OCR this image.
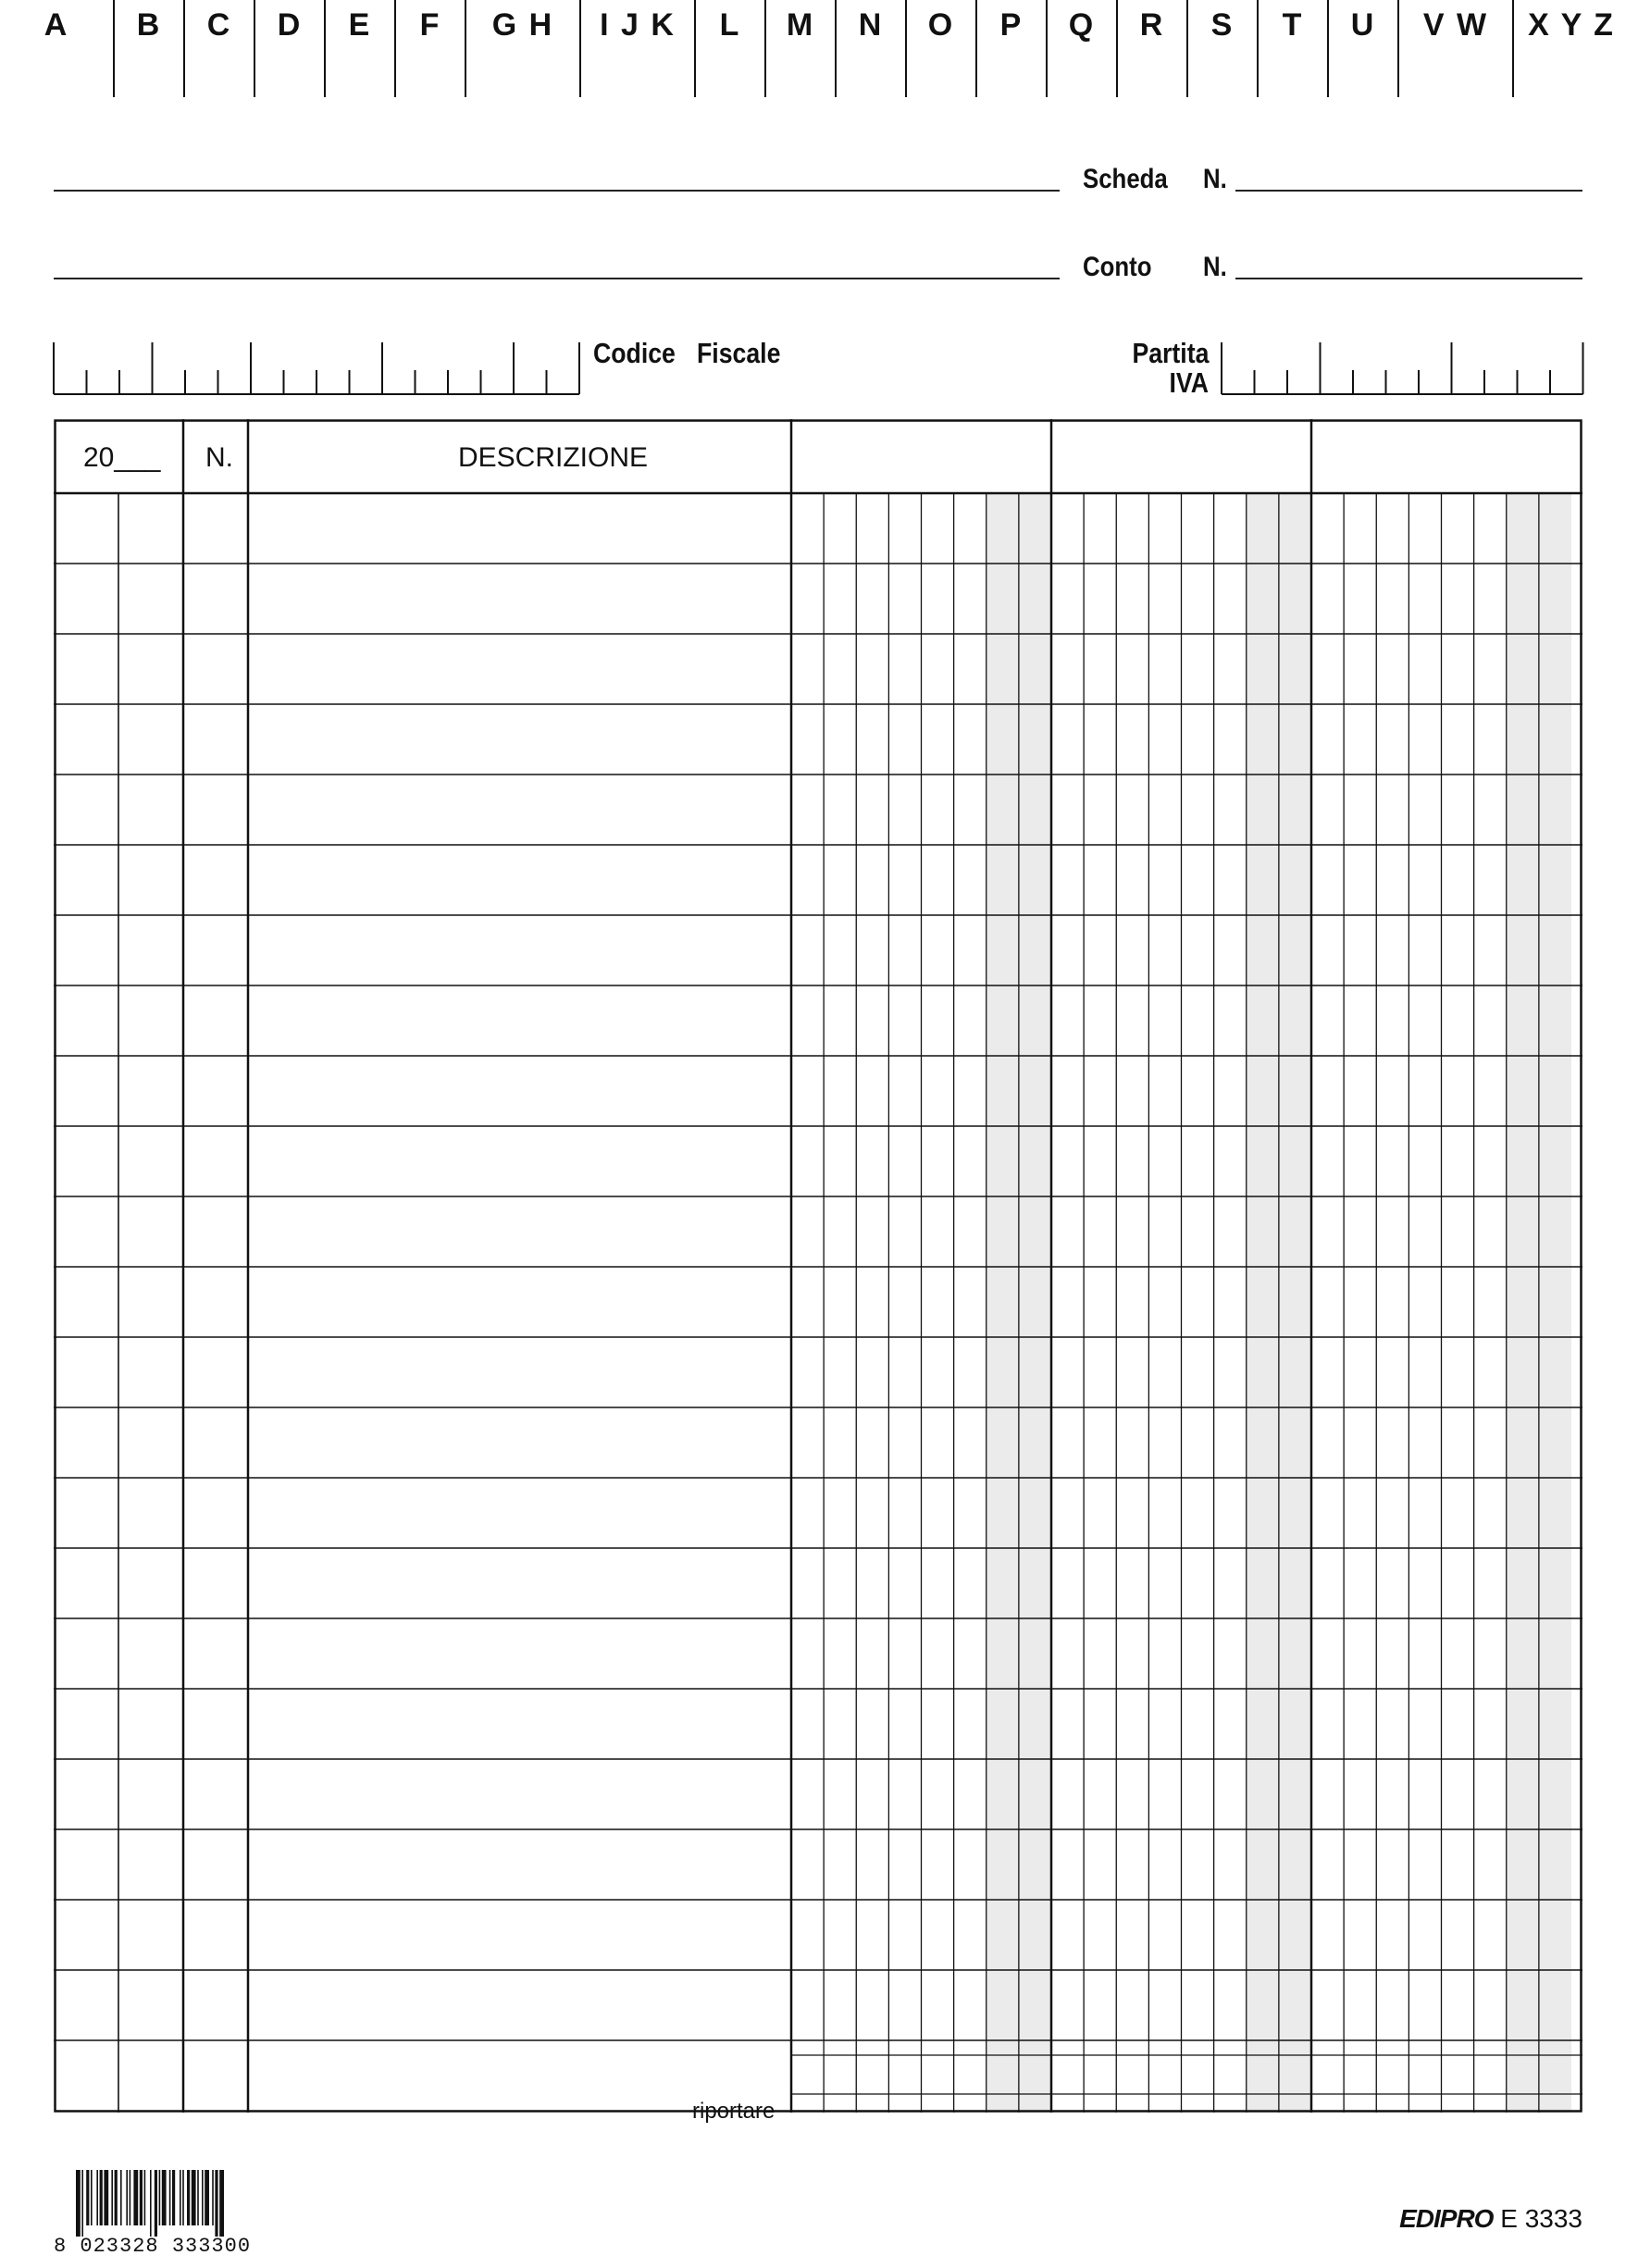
A	B	C	D	E	F	G H	I J K	L	M	N	O	P	Q	R	S	T	U	V W	X Y Z
Scheda	N.
Conto	N.
Codice Fiscale	Partita
IVA
20___ N.	DESCRIZIONE
riportare
8 023328 333300
EDIPRO E 3333
